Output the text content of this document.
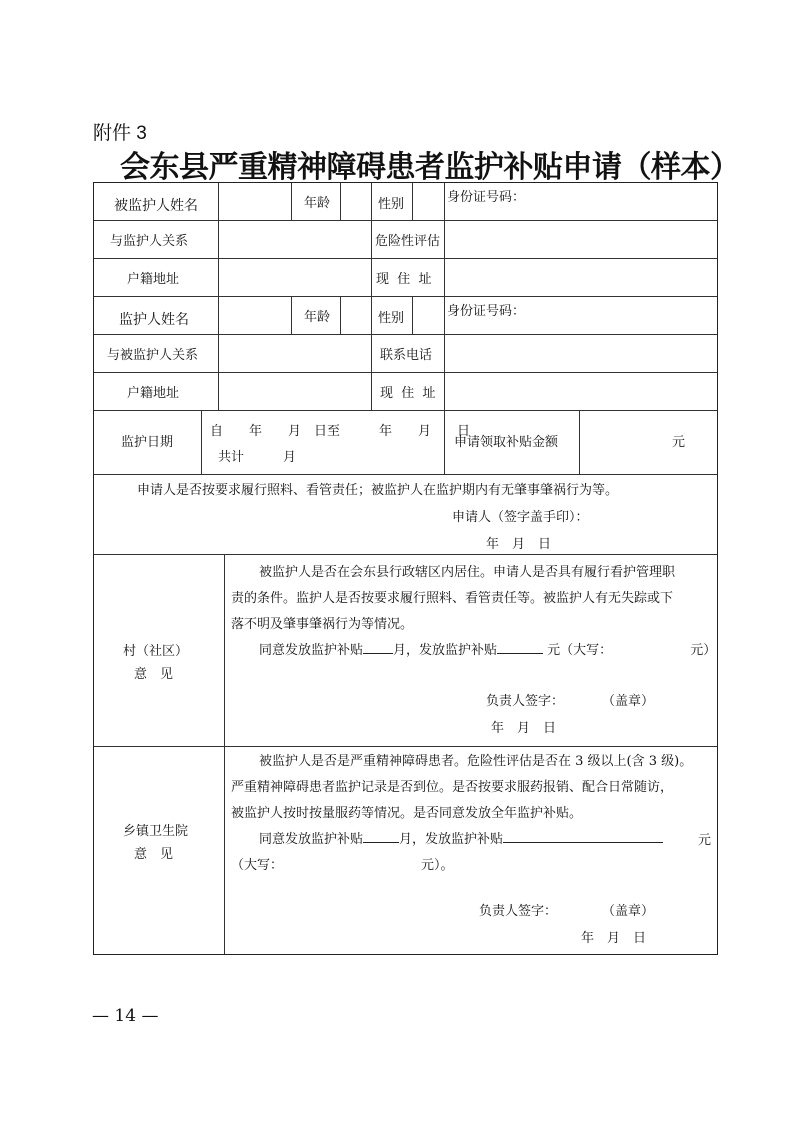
附件 3
会东县严重精神障碍患者监护补贴申请（样本）
被监护人姓名	年龄	性别	身份证号码：
与监护人关系	危险性评估
户籍地址	现  住  址
监护人姓名	年龄	性别	身份证号码：
与被监护人关系	联系电话
户籍地址	现  住  址
监护日期
自　　年　　月　日至　　　年　　月　　日
共计　　　月
申请领取补贴金额	元
申请人是否按要求履行照料、看管责任；被监护人在监护期内有无肇事肇祸行为等。
申请人（签字盖手印）：
年　月　日
村（社区）
意　见
被监护人是否在会东县行政辖区内居住。申请人是否具有履行看护管理职
责的条件。监护人是否按要求履行照料、看管责任等。被监护人有无失踪或下
落不明及肇事肇祸行为等情况。
同意发放监护补贴 月，发放监护补贴	元（大写：	元）
负责人签字：	（盖章）
年　月　日
乡镇卫生院
意　见
被监护人是否是严重精神障碍患者。危险性评估是否在 3 级以上(含 3 级)。
严重精神障碍患者监护记录是否到位。是否按要求服药报销、配合日常随访，
被监护人按时按量服药等情况。是否同意发放全年监护补贴。
同意发放监护补贴	月，发放监护补贴	元
（大写：	元）。
负责人签字：	（盖章）
年　月　日
— 14 —
